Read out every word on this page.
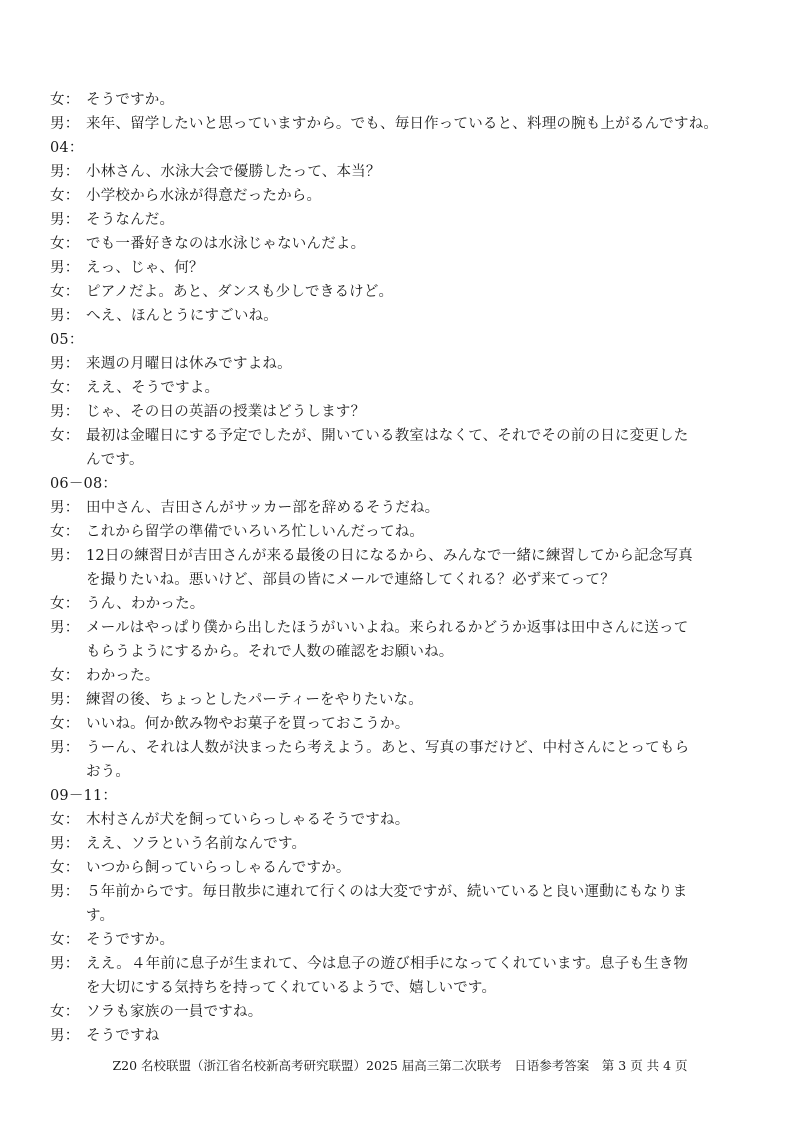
女： そうですか。
男： 来年、留学したいと思っていますから。でも、毎日作っていると、料理の腕も上がるんですね。
04：
男： 小林さん、水泳大会で優勝したって、本当？
女： 小学校から水泳が得意だったから。
男： そうなんだ。
女： でも一番好きなのは水泳じゃないんだよ。
男： えっ、じゃ、何？
女： ピアノだよ。あと、ダンスも少しできるけど。
男： へえ、ほんとうにすごいね。
05：
男： 来週の月曜日は休みですよね。
女： ええ、そうですよ。
男： じゃ、その日の英語の授業はどうします？
女： 最初は金曜日にする予定でしたが、開いている教室はなくて、それでその前の日に変更した
んです。
06－08：
男： 田中さん、吉田さんがサッカー部を辞めるそうだね。
女： これから留学の準備でいろいろ忙しいんだってね。
男： 12日の練習日が吉田さんが来る最後の日になるから、みんなで一緒に練習してから記念写真
を撮りたいね。悪いけど、部員の皆にメールで連絡してくれる？必ず来てって？
女： うん、わかった。
男： メールはやっぱり僕から出したほうがいいよね。来られるかどうか返事は田中さんに送って
もらうようにするから。それで人数の確認をお願いね。
女： わかった。
男： 練習の後、ちょっとしたパーティーをやりたいな。
女： いいね。何か飲み物やお菓子を買っておこうか。
男： うーん、それは人数が決まったら考えよう。あと、写真の事だけど、中村さんにとってもら
おう。
09－11：
女： 木村さんが犬を飼っていらっしゃるそうですね。
男： ええ、ソラという名前なんです。
女： いつから飼っていらっしゃるんですか。
男： ５年前からです。毎日散歩に連れて行くのは大変ですが、続いていると良い運動にもなりま
す。
女： そうですか。
男： ええ。４年前に息子が生まれて、今は息子の遊び相手になってくれています。息子も生き物
を大切にする気持ちを持ってくれているようで、嬉しいです。
女： ソラも家族の一員ですね。
男： そうですね
Z20 名校联盟（浙江省名校新高考研究联盟）2025 届高三第二次联考　日语参考答案　第 3 页 共 4 页
